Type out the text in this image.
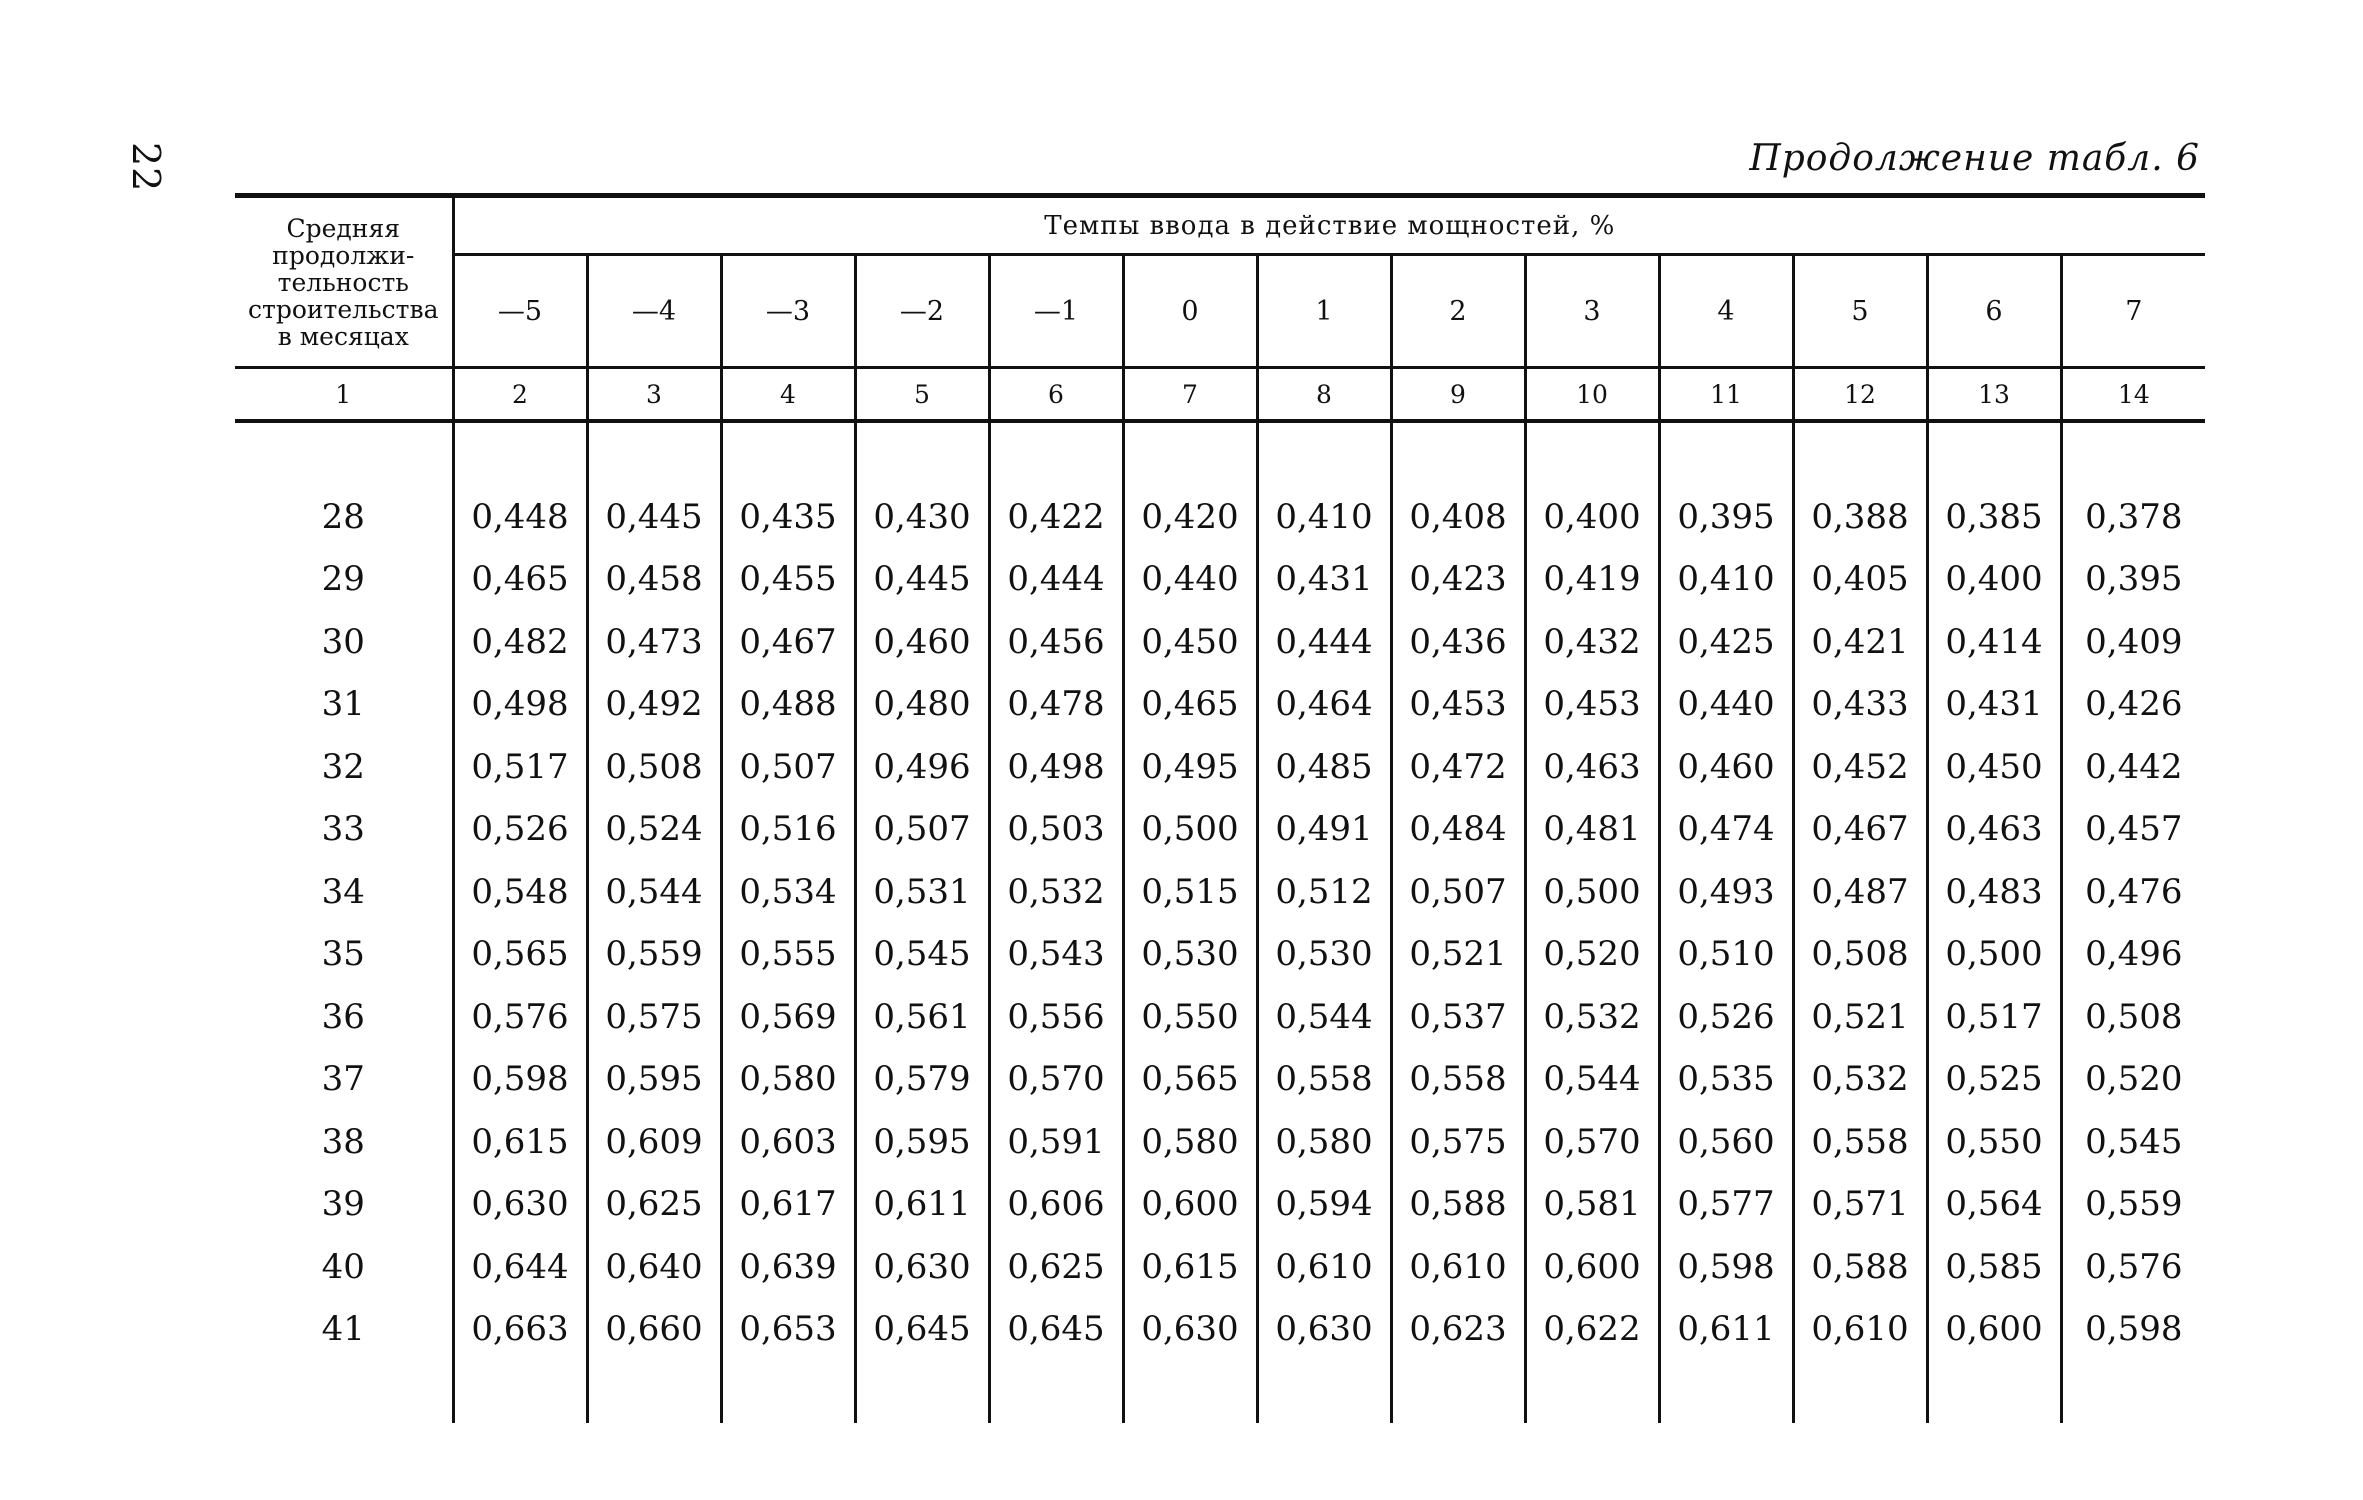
22	Продолжение табл. 6
Средняя
продолжи-
тельность
строительства
в месяцах	Темпы ввода в действие мощностей, %												
	—5	—4	—3	—2	—1	0	1	2	3	4	5	6	7
1	2	3	4	5	6	7	8	9	10	11	12	13	14

28	0,448	0,445	0,435	0,430	0,422	0,420	0,410	0,408	0,400	0,395	0,388	0,385	0,378
29	0,465	0,458	0,455	0,445	0,444	0,440	0,431	0,423	0,419	0,410	0,405	0,400	0,395
30	0,482	0,473	0,467	0,460	0,456	0,450	0,444	0,436	0,432	0,425	0,421	0,414	0,409
31	0,498	0,492	0,488	0,480	0,478	0,465	0,464	0,453	0,453	0,440	0,433	0,431	0,426
32	0,517	0,508	0,507	0,496	0,498	0,495	0,485	0,472	0,463	0,460	0,452	0,450	0,442
33	0,526	0,524	0,516	0,507	0,503	0,500	0,491	0,484	0,481	0,474	0,467	0,463	0,457
34	0,548	0,544	0,534	0,531	0,532	0,515	0,512	0,507	0,500	0,493	0,487	0,483	0,476
35	0,565	0,559	0,555	0,545	0,543	0,530	0,530	0,521	0,520	0,510	0,508	0,500	0,496
36	0,576	0,575	0,569	0,561	0,556	0,550	0,544	0,537	0,532	0,526	0,521	0,517	0,508
37	0,598	0,595	0,580	0,579	0,570	0,565	0,558	0,558	0,544	0,535	0,532	0,525	0,520
38	0,615	0,609	0,603	0,595	0,591	0,580	0,580	0,575	0,570	0,560	0,558	0,550	0,545
39	0,630	0,625	0,617	0,611	0,606	0,600	0,594	0,588	0,581	0,577	0,571	0,564	0,559
40	0,644	0,640	0,639	0,630	0,625	0,615	0,610	0,610	0,600	0,598	0,588	0,585	0,576
41	0,663	0,660	0,653	0,645	0,645	0,630	0,630	0,623	0,622	0,611	0,610	0,600	0,598
